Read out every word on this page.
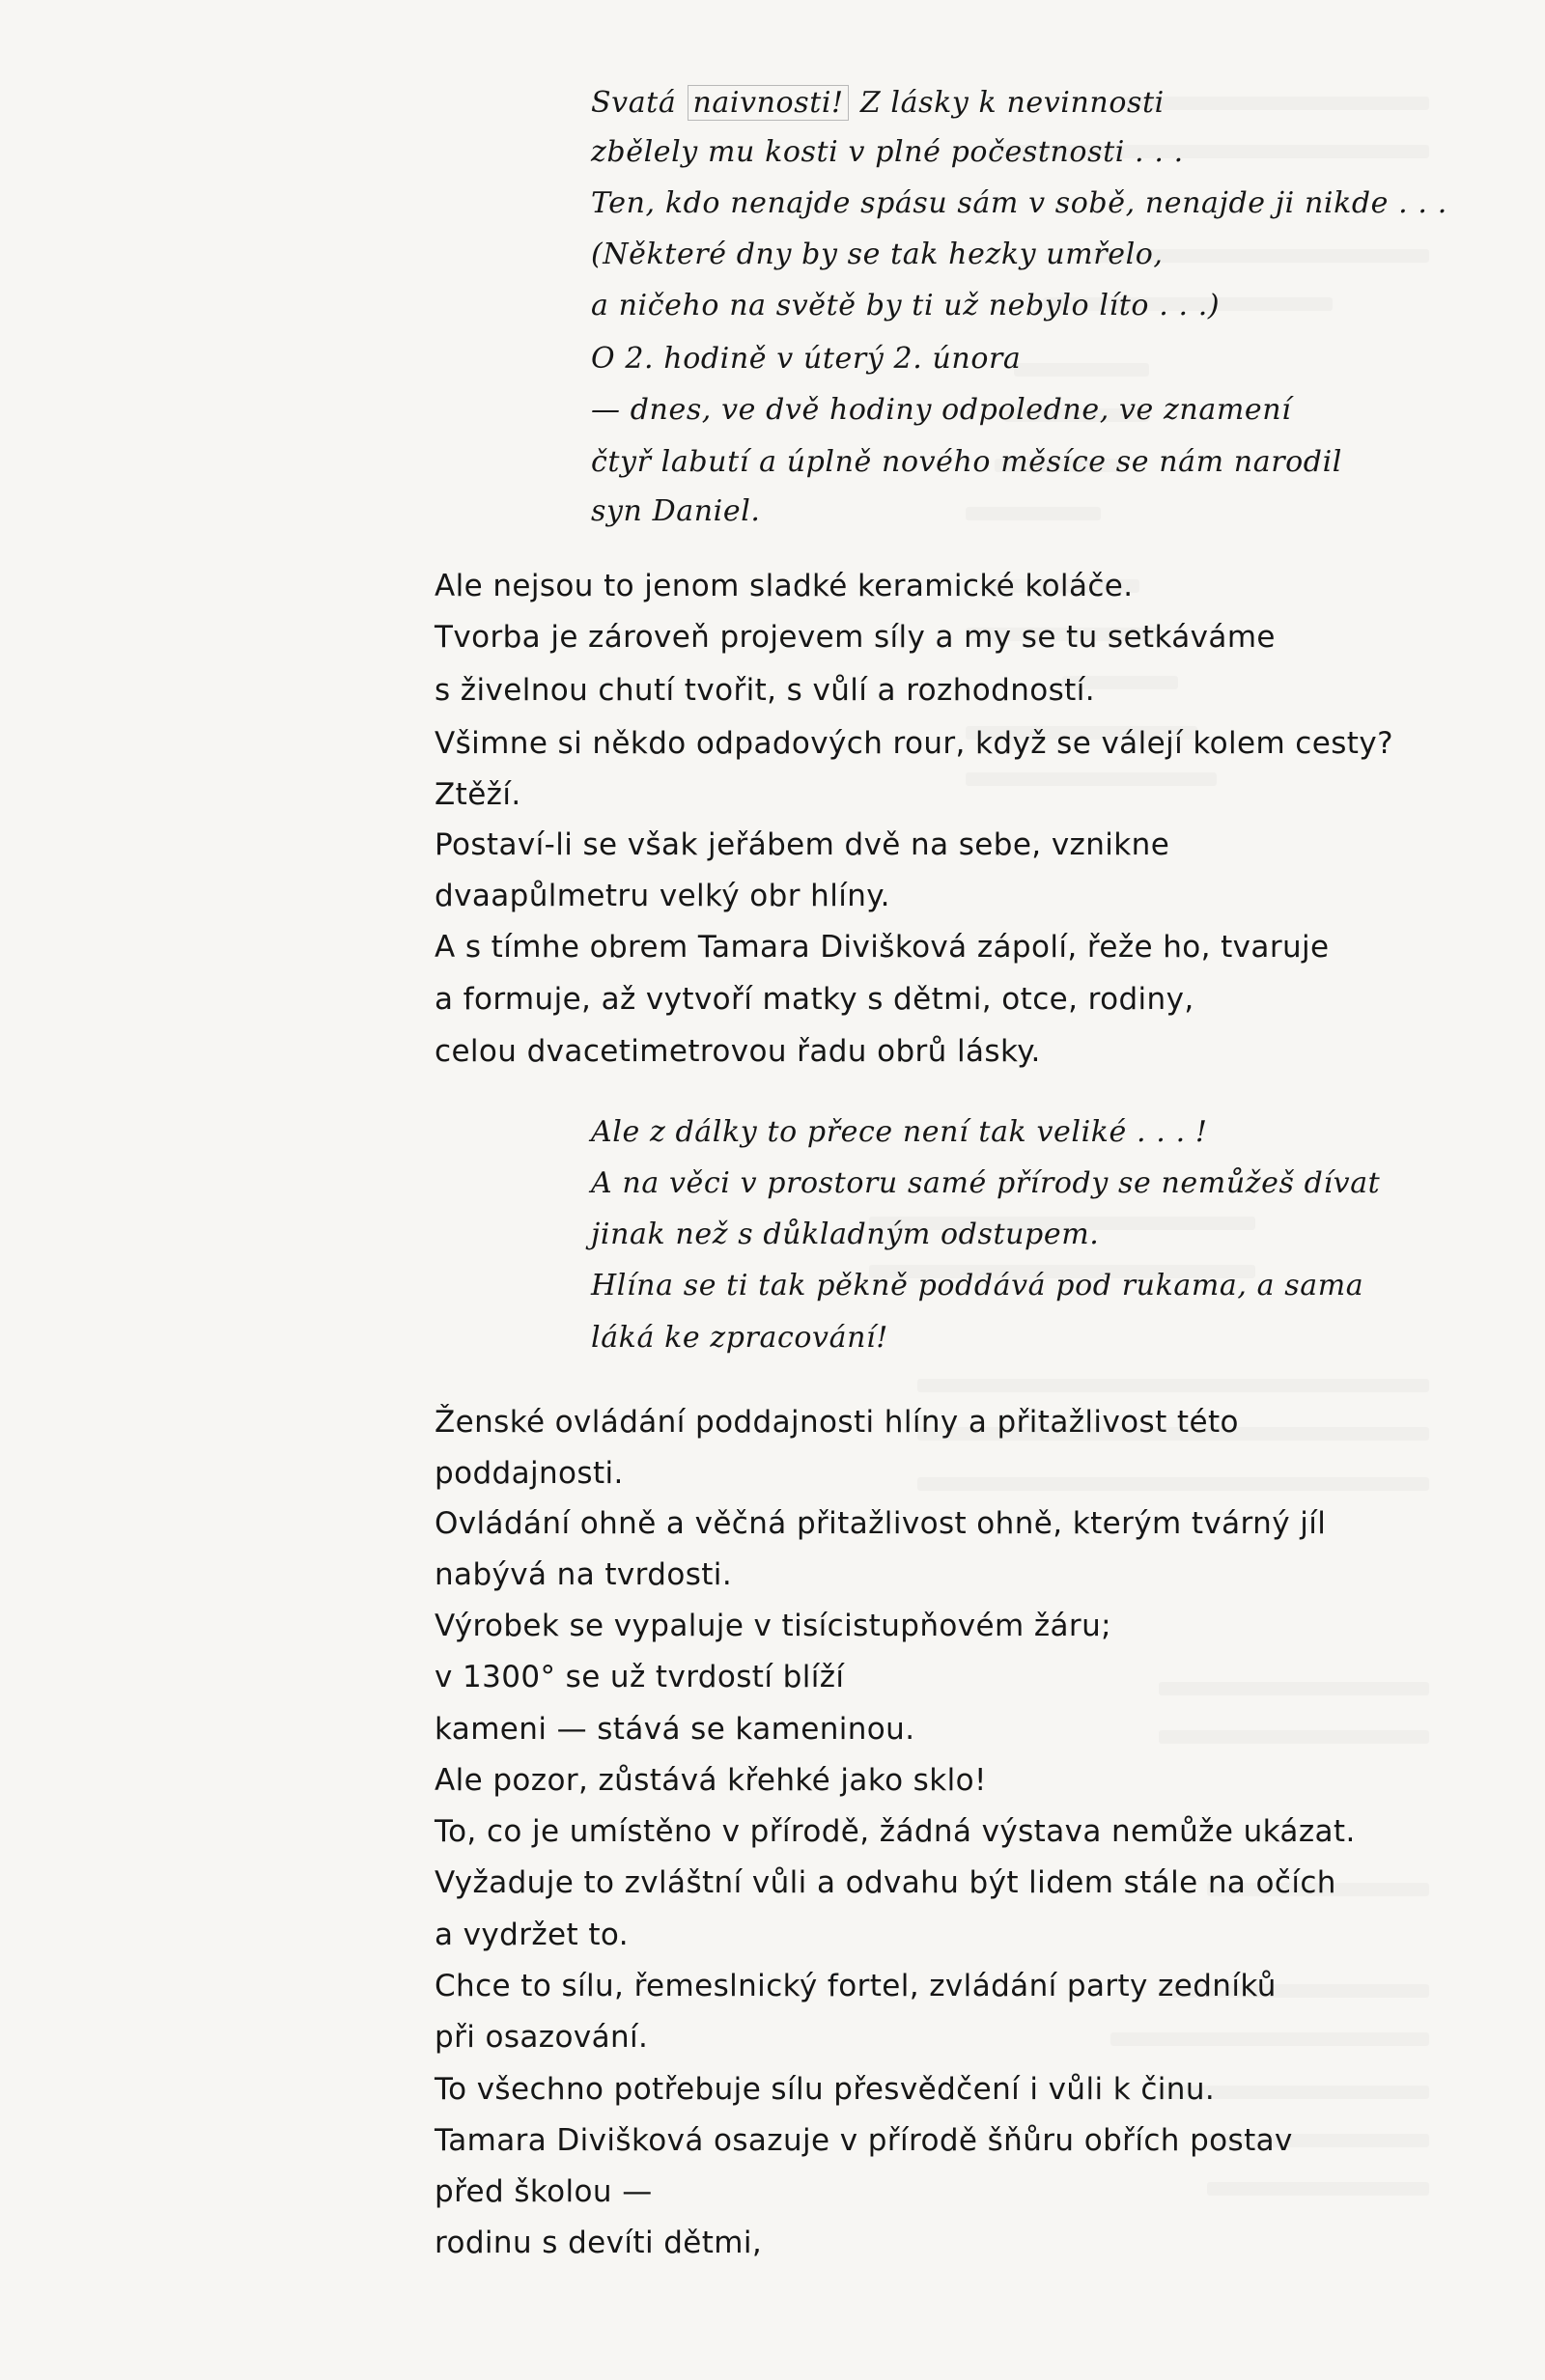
Svatá naivnosti! Z lásky k nevinnosti
zbělely mu kosti v plné počestnosti . . .
Ten, kdo nenajde spásu sám v sobě, nenajde ji nikde . . .
(Některé dny by se tak hezky umřelo,
a ničeho na světě by ti už nebylo líto . . .)
O 2. hodině v úterý 2. února
— dnes, ve dvě hodiny odpoledne, ve znamení
čtyř labutí a úplně nového měsíce se nám narodil
syn Daniel.
Ale nejsou to jenom sladké keramické koláče.
Tvorba je zároveň projevem síly a my se tu setkáváme
s živelnou chutí tvořit, s vůlí a rozhodností.
Všimne si někdo odpadových rour, když se válejí kolem cesty?
Ztěží.
Postaví-li se však jeřábem dvě na sebe, vznikne
dvaapůlmetru velký obr hlíny.
A s tímhe obrem Tamara Divišková zápolí, řeže ho, tvaruje
a formuje, až vytvoří matky s dětmi, otce, rodiny,
celou dvacetimetrovou řadu obrů lásky.
Ale z dálky to přece není tak veliké . . . !
A na věci v prostoru samé přírody se nemůžeš dívat
jinak než s důkladným odstupem.
Hlína se ti tak pěkně poddává pod rukama, a sama
láká ke zpracování!
Ženské ovládání poddajnosti hlíny a přitažlivost této
poddajnosti.
Ovládání ohně a věčná přitažlivost ohně, kterým tvárný jíl
nabývá na tvrdosti.
Výrobek se vypaluje v tisícistupňovém žáru;
v 1300° se už tvrdostí blíží
kameni — stává se kameninou.
Ale pozor, zůstává křehké jako sklo!
To, co je umístěno v přírodě, žádná výstava nemůže ukázat.
Vyžaduje to zvláštní vůli a odvahu být lidem stále na očích
a vydržet to.
Chce to sílu, řemeslnický fortel, zvládání party zedníků
při osazování.
To všechno potřebuje sílu přesvědčení i vůli k činu.
Tamara Divišková osazuje v přírodě šňůru obřích postav
před školou —
rodinu s devíti dětmi,
